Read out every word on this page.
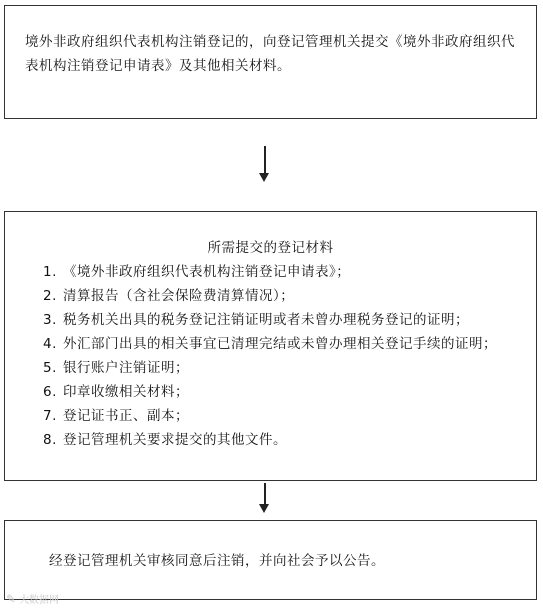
境外非政府组织代表机构注销登记的，向登记管理机关提交《境外非政府组织代表机构注销登记申请表》及其他相关材料。
所需提交的登记材料
1. 《境外非政府组织代表机构注销登记申请表》；
2. 清算报告（含社会保险费清算情况）；
3. 税务机关出具的税务登记注销证明或者未曾办理税务登记的证明；
4. 外汇部门出具的相关事宜已清理完结或未曾办理相关登记手续的证明；
5. 银行账户注销证明；
6. 印章收缴相关材料；
7. 登记证书正、副本；
8. 登记管理机关要求提交的其他文件。
经登记管理机关审核同意后注销，并向社会予以公告。
✎ 大数据网
